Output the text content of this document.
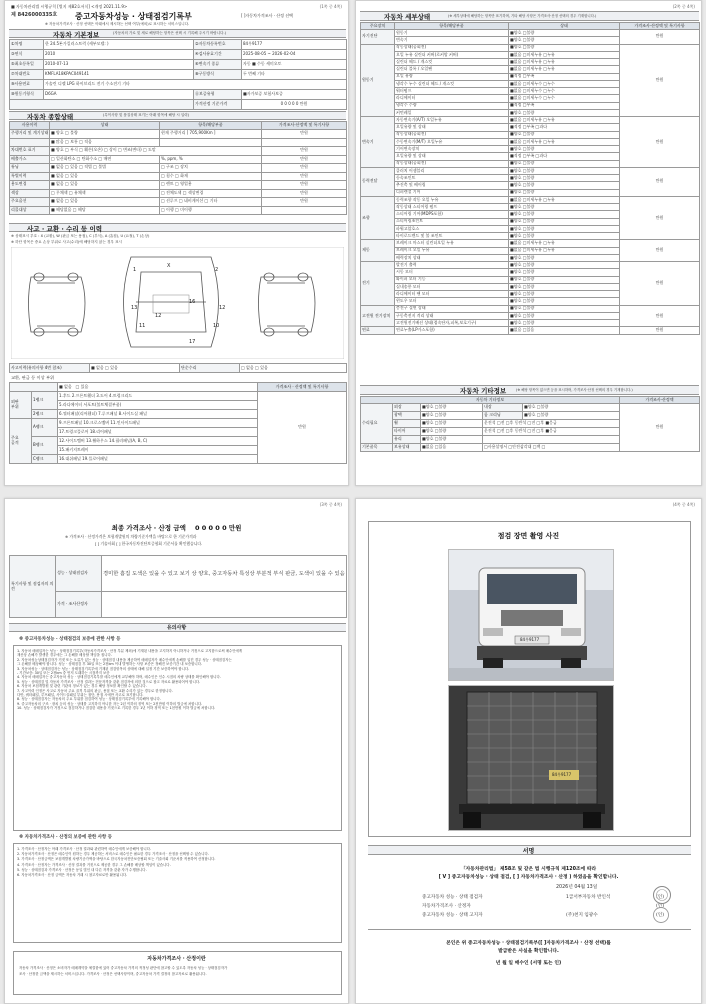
■ 자동차관리법 시행규칙 [별지 제82호서식] <개정 2021.11.9>	(1쪽 중 4쪽)
제 8426000335호 중고자동차성능 · 상태점검기록부	[ ]자동차가격조사 · 산정 선택
※ 자동차가격조사 · 산정 선택은 아래에서 제시하는 선택 여부(예외)로 표시하는 서비스입니다.
자동차 기본정보	(자동차의 가로 및 세로 해당하는 항목은 선택 시 기록해 주시기 바랍니다.)
①차명	한 24.5톤가킬러스트럭 (세부모델: )	②자동차등록번호	84우9177
③연식	2010	④검사유효기간	2025-08-05 ~ 2026-02-04
⑤최초등록일	2010-07-13	⑥변속기 종류	자동 ■ 수동 세미오토
⑦차대번호	KMFLA18KPAC049141	⑧구동방식	두 번째 기타
⑨사용연료	가솔린 디젤 LPG 하이브리드 전기 수소전기 기타		
⑩원동기형식	D6GA	⑪보증유형	■자가보증 보험사보증
		가격산정 기준가격	0 0 0 0 0 만원
자동차 종합상태	(특이사항 및 품질상태 표기는 아래 항목에 해당 시 입력)
사용이력	상태	항목/해당부품	가격조사·산정액 및 특기사항
주행거리 및 계기상태	■ 양호 □ 불량	현재 주행거리 [ 705,900Km ]	만원
	■ 많음 □ 보통 □ 적음		
차대번호 표기	■ 양호 □ 부식 □ 훼손(오손) □ 상이 □ 변조(변타) □ 도말		만원
배출가스	□ 일산화탄소 □ 탄화수소 □ 매연	%, ppm, %	만원
튜닝	■ 없음 □ 있음 □ 적법 □ 불법	□ 구조 □ 장치	만원
특별이력	■ 없음 □ 있음	□ 침수 □ 화재	만원
용도변경	■ 없음 □ 있음	□ 렌트 □ 영업용	만원
색상	□ 무채색 □ 유채색	□ 전체도색 □ 색상변경	만원
주요옵션	■ 없음 □ 있음	□ 선루프 □ 네비게이션 □ 기타	만원
리콜대상	■ 해당없음 □ 해당	□ 이행 □ 미이행	
사고 · 교환 · 수리 등 이력
※ 상태표시 부호 : X (교환), W (판금 또는 용접), C (부식), A (흠집), U (요철), T (손상)
※ 하단 항목은 중요 손상 부위로 사고(수리)에 해당하지 않는 경우 표시
X
2
1
16
12
17
11	10
13	12
사고이력(유의사항 4번 참조)	■ 없음 □ 있음	단순수리	□ 없음 □ 있음
교환, 판금 등 이상 부위
		■ 없음 □ 있음	가격조사 · 산정액 및 특기사항
외판
부위	1랭크	1.후드 2.프론트휀더 3.도어 4.트렁크리드	만원
		5.라디에이터 서포트(볼트체결부품)	
	2랭크	6.쿼터패널(리어휀더) 7.루프패널 8.사이드실 패널	
주요
골격	A랭크	9.프론트패널 10.크로스멤버 11.인사이드패널	
		17.트렁크플로어 18.리어패널	
	B랭크	12.사이드멤버 13.휠하우스 14.필러패널(A, B, C)	
		15.패키지트레이	
	C랭크	16.대쉬패널 19.플로어패널	
(2쪽 중 4쪽)
자동차 세부상태	(※ 세부상태에 해당하는 항목만 표기하며, 기타 해당 사항은 가격조사·산정 선택의 경우 기재합니다.)
주요장치	항목/해당부품	상태	가격조사·산정액 및 특기사항
자기진단	원동기	■양호 □불량	만원
	변속기	■양호 □불량	
원동기	작동상태(공회전)	■양호 □불량	만원
	오일 누유 실린더 커버(로커암 커버)	■없음 □미세누유 □누유	
	실린더 헤드 / 개스킷	■없음 □미세누유 □누유	
	실린더 블록 / 오일팬	■없음 □미세누유 □누유	
	오일 유량	■적정 □부족	
	냉각수 누수 실린더 헤드 / 개스킷	■없음 □미세누수 □누수	
	워터펌프	■없음 □미세누수 □누수	
	라디에이터	■없음 □미세누수 □누수	
	냉각수 수량	■적정 □부족	
	커먼레일	■양호 □불량	
변속기	자동변속기(A/T) 오일누유	■없음 □미세누유 □누유	만원
	오일유량 및 상태	■적정 □부족 □과다	
	작동상태(공회전)	■양호 □불량	
	수동변속기(M/T) 오일누유	■없음 □미세누유 □누유	
	기어변속장치	■양호 □불량	
	오일유량 및 상태	■적정 □부족 □과다	
	작동상태(공회전)	■양호 □불량	
동력전달	클러치 어셈블리	■양호 □불량	만원
	등속조인트	■양호 □불량	
	추진축 및 베어링	■양호 □불량	
	디퍼렌셜 기어	■양호 □불량	
조향	동력조향 작동 오일 누유	■없음 □미세누유 □누유	만원
	작동상태 스티어링 펌프	■양호 □불량	
	스티어링 기어(MDPS포함)	■양호 □불량	
	스티어링조인트	■양호 □불량	
	파워고압호스	■양호 □불량	
	타이로드엔드 및 볼 조인트	■양호 □불량	
제동	브레이크 마스터 실린더오일 누유	■없음 □미세누유 □누유	만원
	브레이크 오일 누유	■없음 □미세누유 □누유	
	배력장치 상태	■양호 □불량	
전기	발전기 출력	■양호 □불량	만원
	시동 모터	■양호 □불량	
	와이퍼 모터 기능	■양호 □불량	
	실내송풍 모터	■양호 □불량	
	라디에이터 팬 모터	■양호 □불량	
	윈도우 모터	■양호 □불량	
고전원 전기장치	충전구 절연 상태	■양호 □불량	만원
	구동축전지 격리 상태	■양호 □불량	
	고전원전기배선 상태(접속단자,피복,보호기구)	■양호 □불량	
연료	연료누출(LP가스포함)	■없음 □있음	만원
자동차 기타정보	(※ 해당 항목이 없으면 등을 표시하며, 가격조사·산정 선택의 경우 기재합니다.)
자동차 기타정보					가격조사·산정액
수리필요	외장	■양호 □불량	내장	■양호 □불량	만원
	광택	■양호 □불량	룸 크리닝	■양호 □불량	
	휠	■양호 □불량	운전석 □전 □후 동반석 □전 □후 ■응급		
	타이어	■양호 □불량	운전석 □전 □후 동반석 □전 □후 ■응급		
	유리	■양호 □불량			
기본품목	보유상태	■없음 □있음	□사용설명서 □안전삼각대 □잭 □		
(3쪽 중 4쪽)
최종 가격조사 · 산정 금액 0 0 0 0 0 만원
※ 가격조사 · 산정가격은 보험개발원의 차량기준가액을 바탕으로 한 기준가격과
[ ] 기술사회 [ ] 한국자동차진단보증협회 기준서를 확인했습니다.
특기사항 및 점검자의 의견	성능 · 상태점검자	경미한 흠집 도색은 있을 수 있고 보기 상 양호, 중고자동차 특성상 부분적 부식 판금, 도색이 있을 수 있음
	가격 · 조사산정자	
유의사항
※ 중고자동차성능 · 상태점검의 보증에 관한 사항 등
1. 자동차 매매업자는 성능 · 상태점검기록부(자동차가격조사 · 산정 부분 제외)에 기재된 내용을 고지하지 아니하거나 거짓으로 고지함으로써 매수인에게
재산상 손해가 발생한 경우에는 그 손해를 배상할 책임을 집니다.
2. 자동차성능상태점검자가 거짓 또는 오류가 있는 성능 · 상태점검 내용을 제공하여 매매업자가 매수인에게 손해를 입힌 경우 성능 · 상태점검자는
그 손해를 배상해야 합니다. 성능 · 상태점검 후 30일 또는 2천km 이내 발생하는 사항 보증은 정해진 보증기간 내 보증합니다.
3. 자동차성능 · 상태점검자는 성능 · 상태점검기록부에 기재된 점검항목의 상태에 대해 일정 기간 보증하여야 합니다.
- 기간보증: 30일 또는 2천km 중 먼저 도래하는 시점까지 보증
4. 자동차 매매업자는 중고자동차 성능 · 상태점검기록부를 매수인에게 교부해야 하며, 매수인은 인수 시점의 차량 상태를 확인해야 합니다.
5. 성능 · 상태점검 및 자동차 가격조사 · 산정 결과는 전문자격을 갖춘 점검자에 의한 것으로 참고 자료로 활용되어야 합니다.
6. 자동차 보험개발원 및 관련 기관의 정보가 있는 경우 해당 정보를 확인할 수 있습니다.
7. 사고이력 인정은 사고로 자동차 주요 골격 부위의 판금, 용접 또는 교환 수리가 있는 경우로 한정합니다.
다만, 쿼터패널, 루프패널, 사이드실패널 부위는 절단, 용접 시에만 사고로 표기합니다.
8. 성능 · 상태점검자는 자동차의 주요 부위를 점검하여 성능 · 상태점검기록부에 기록해야 합니다.
9. 중고자동차의 구조 · 장치 등의 성능 · 상태를 고지하지 아니한 자는 2년 이하의 징역 또는 2천만원 이하의 벌금에 처합니다.
10. 성능 · 상태점검자가 거짓으로 점검하거나 점검한 내용을 거짓으로 기록한 경우 1년 이하 징역 또는 1천만원 이하 벌금에 처합니다.
※ 자동차가격조사 · 산정의 보증에 관한 사항 등
1. 가격조사 · 산정자는 아래 가격조사 · 산정 결과와 관련하여 매수인에게 보증해야 합니다.
2. 자동차가격조사 · 산정은 매수인이 원하는 경우 제공하는 서비스로 매수인은 필요한 경우 가격조사 · 산정을 선택할 수 있습니다.
3. 가격조사 · 산정금액은 보험개발원 차량기준가액을 바탕으로 한국자동차진단보증협회 또는 기술사회 기준서를 적용하여 산정합니다.
4. 가격조사 · 산정자는 가격조사 · 산정 결과를 거짓으로 제공한 경우 그 손해를 배상할 책임이 있습니다.
5. 성능 · 상태점검과 가격조사 · 산정은 동일 법인 내 다른 자격을 갖춘 자가 수행합니다.
6. 자동차가격조사 · 산정 금액은 자동차 거래 시 참고자료로만 활용됩니다.
자동차가격조사 · 산정이란
자동차 가격조사 · 산정은 소비자가 매매계약을 체결함에 있어 중고자동차 가격의 적정성 판단에 참고할 수 있도록 자동차 성능 · 상태점검자가
조사 · 산정한 금액을 제시하는 서비스입니다. 가격조사 · 산정은 선택사항이며, 중고자동차 가격 결정의 참고자료로 활용됩니다.
(4쪽 중 4쪽)
점검 장면 촬영 사진
84우9177
84우9177
서명
「자동차관리법」 제58조 및 같은 법 시행규칙 제120조에 따라
[ V ] 중고자동차성능 · 상태 점검, [ ] 자동차가격조사 · 산정 ) 하였음을 확인합니다.
2026년 04월 13일
중고자동차 성능 · 상태 점검자	1급서부자동차 반인석	(인)
자동차가격조사 · 산정자	(인)
중고자동차 성능 · 상태 고지자	(주)천지 임광수	(인)
본인은 위 중고자동차성능 · 상태점검기록부([ ]자동차가격조사 · 산정 선택)를
발급받은 사실을 확인합니다.
년 월 일 매수인 (서명 또는 인)
